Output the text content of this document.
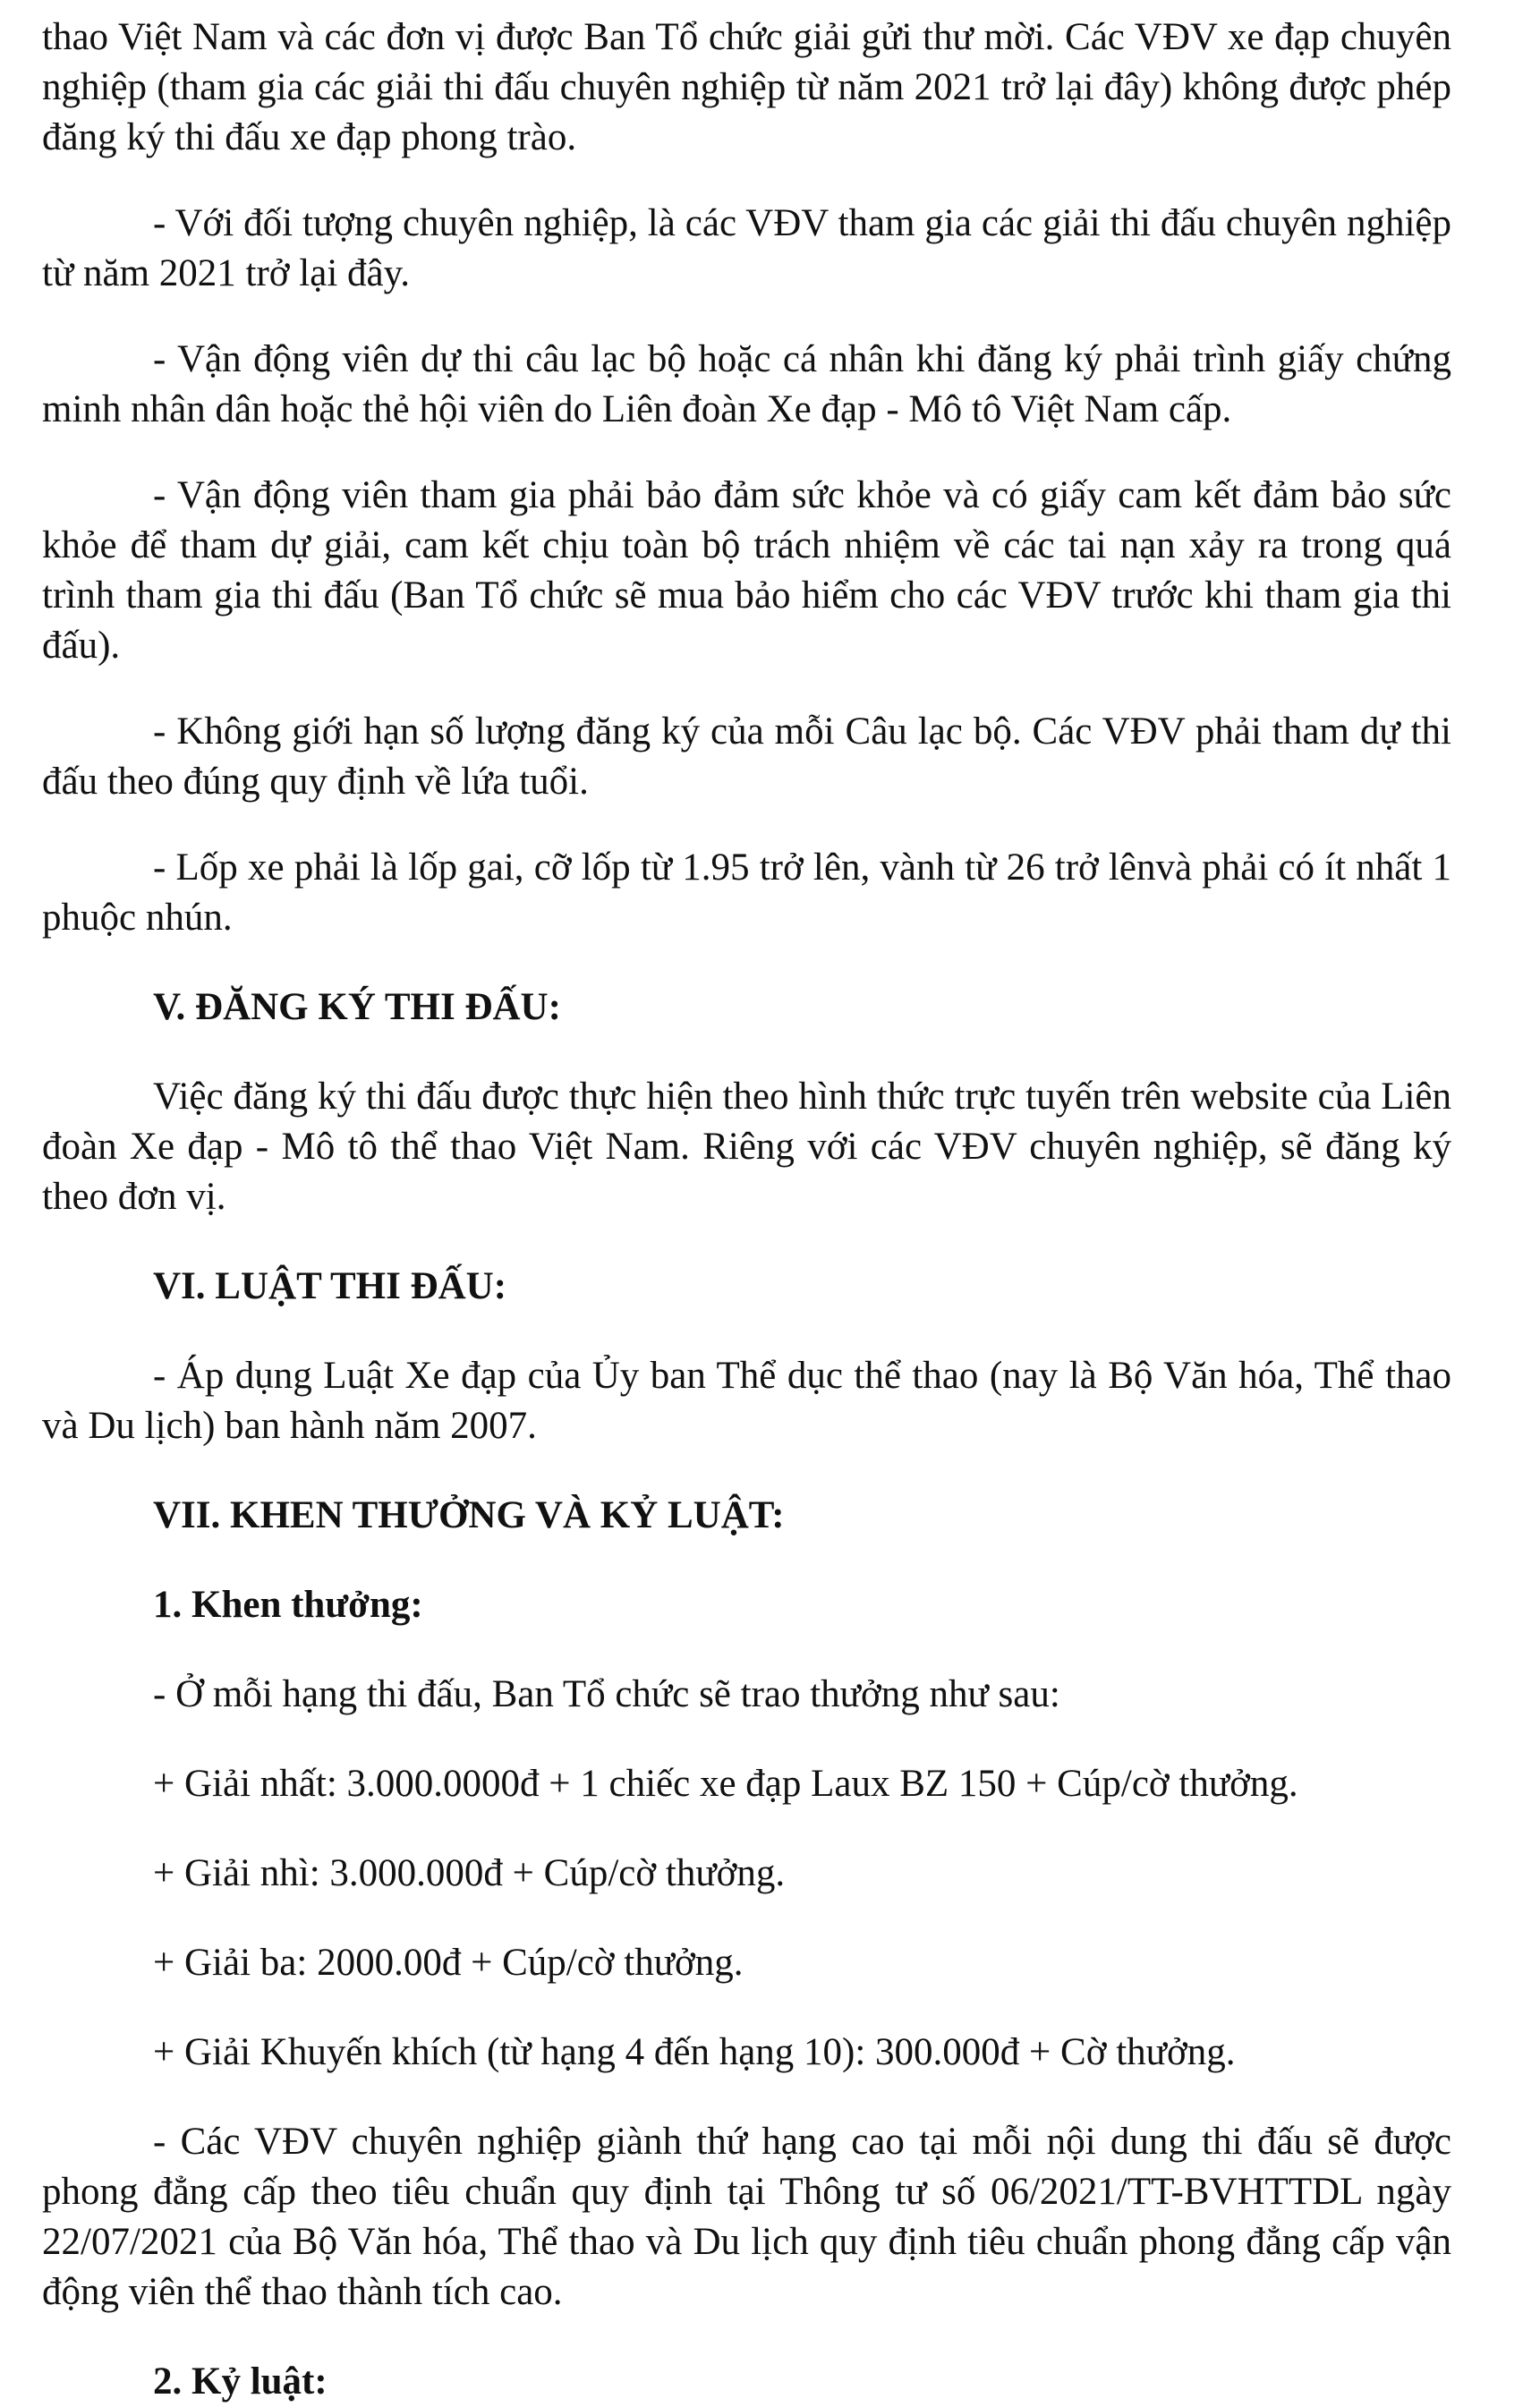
thao Việt Nam và các đơn vị được Ban Tổ chức giải gửi thư mời. Các VĐV xe đạp chuyên nghiệp (tham gia các giải thi đấu chuyên nghiệp từ năm 2021 trở lại đây) không được phép đăng ký thi đấu xe đạp phong trào.

- Với đối tượng chuyên nghiệp, là các VĐV tham gia các giải thi đấu chuyên nghiệp từ năm 2021 trở lại đây.

- Vận động viên dự thi câu lạc bộ hoặc cá nhân khi đăng ký phải trình giấy chứng minh nhân dân hoặc thẻ hội viên do Liên đoàn Xe đạp - Mô tô Việt Nam cấp.

- Vận động viên tham gia phải bảo đảm sức khỏe và có giấy cam kết đảm bảo sức khỏe để tham dự giải, cam kết chịu toàn bộ trách nhiệm về các tai nạn xảy ra trong quá trình tham gia thi đấu (Ban Tổ chức sẽ mua bảo hiểm cho các VĐV trước khi tham gia thi đấu).

- Không giới hạn số lượng đăng ký của mỗi Câu lạc bộ. Các VĐV phải tham dự thi đấu theo đúng quy định về lứa tuổi.

- Lốp xe phải là lốp gai, cỡ lốp từ 1.95 trở lên, vành từ 26 trở lênvà phải có ít nhất 1 phuộc nhún.

V. ĐĂNG KÝ THI ĐẤU:

Việc đăng ký thi đấu được thực hiện theo hình thức trực tuyến trên website của Liên đoàn Xe đạp - Mô tô thể thao Việt Nam. Riêng với các VĐV chuyên nghiệp, sẽ đăng ký theo đơn vị.

VI. LUẬT THI ĐẤU:

- Áp dụng Luật Xe đạp của Ủy ban Thể dục thể thao (nay là Bộ Văn hóa, Thể thao và Du lịch) ban hành năm 2007.

VII. KHEN THƯỞNG VÀ KỶ LUẬT:

1. Khen thưởng:

- Ở mỗi hạng thi đấu, Ban Tổ chức sẽ trao thưởng như sau:

+ Giải nhất: 3.000.0000đ + 1 chiếc xe đạp Laux BZ 150 + Cúp/cờ thưởng.

+ Giải nhì: 3.000.000đ + Cúp/cờ thưởng.

+ Giải ba: 2000.00đ + Cúp/cờ thưởng.

+ Giải Khuyến khích (từ hạng 4 đến hạng 10): 300.000đ + Cờ thưởng.

- Các VĐV chuyên nghiệp giành thứ hạng cao tại mỗi nội dung thi đấu sẽ được phong đẳng cấp theo tiêu chuẩn quy định tại Thông tư số 06/2021/TT-BVHTTDL ngày 22/07/2021 của Bộ Văn hóa, Thể thao và Du lịch quy định tiêu chuẩn phong đẳng cấp vận động viên thể thao thành tích cao.

2. Kỷ luật:
